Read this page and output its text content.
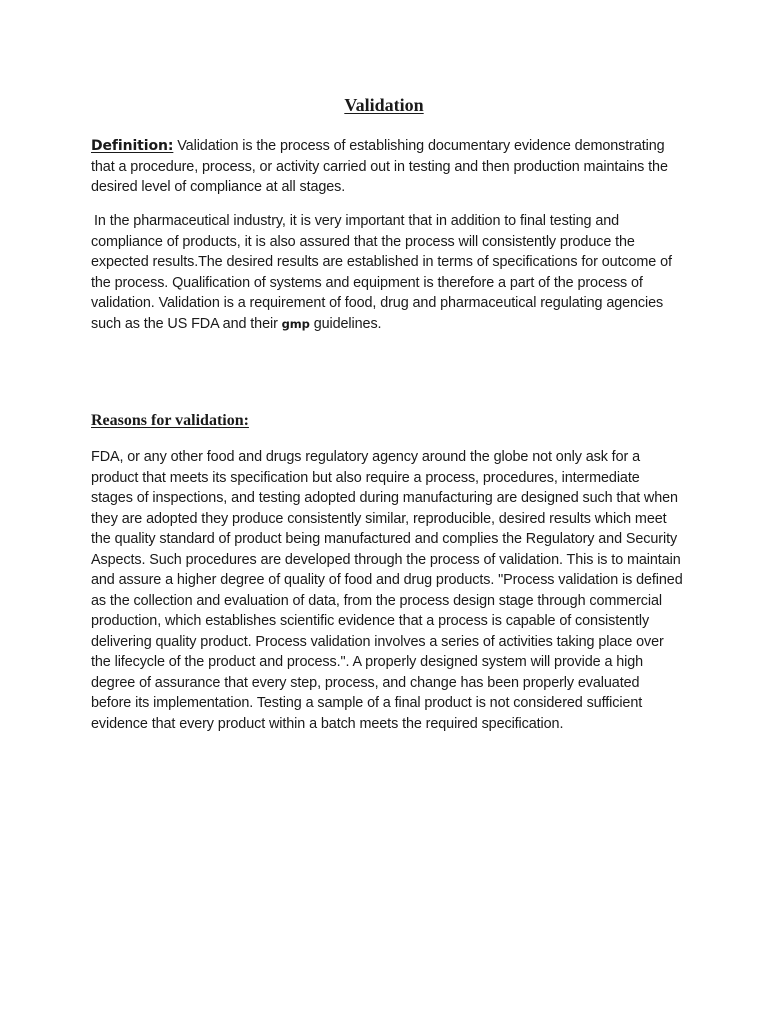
Validation

Definition: Validation is the process of establishing documentary evidence demonstrating that a procedure, process, or activity carried out in testing and then production maintains the desired level of compliance at all stages.

In the pharmaceutical industry, it is very important that in addition to final testing and compliance of products, it is also assured that the process will consistently produce the expected results.The desired results are established in terms of specifications for outcome of the process. Qualification of systems and equipment is therefore a part of the process of validation. Validation is a requirement of food, drug and pharmaceutical regulating agencies such as the US FDA and their gmp guidelines.

Reasons for validation:

FDA, or any other food and drugs regulatory agency around the globe not only ask for a product that meets its specification but also require a process, procedures, intermediate stages of inspections, and testing adopted during manufacturing are designed such that when they are adopted they produce consistently similar, reproducible, desired results which meet the quality standard of product being manufactured and complies the Regulatory and Security Aspects. Such procedures are developed through the process of validation. This is to maintain and assure a higher degree of quality of food and drug products. "Process validation is defined as the collection and evaluation of data, from the process design stage through commercial production, which establishes scientific evidence that a process is capable of consistently delivering quality product. Process validation involves a series of activities taking place over the lifecycle of the product and process.". A properly designed system will provide a high degree of assurance that every step, process, and change has been properly evaluated before its implementation. Testing a sample of a final product is not considered sufficient evidence that every product within a batch meets the required specification.
